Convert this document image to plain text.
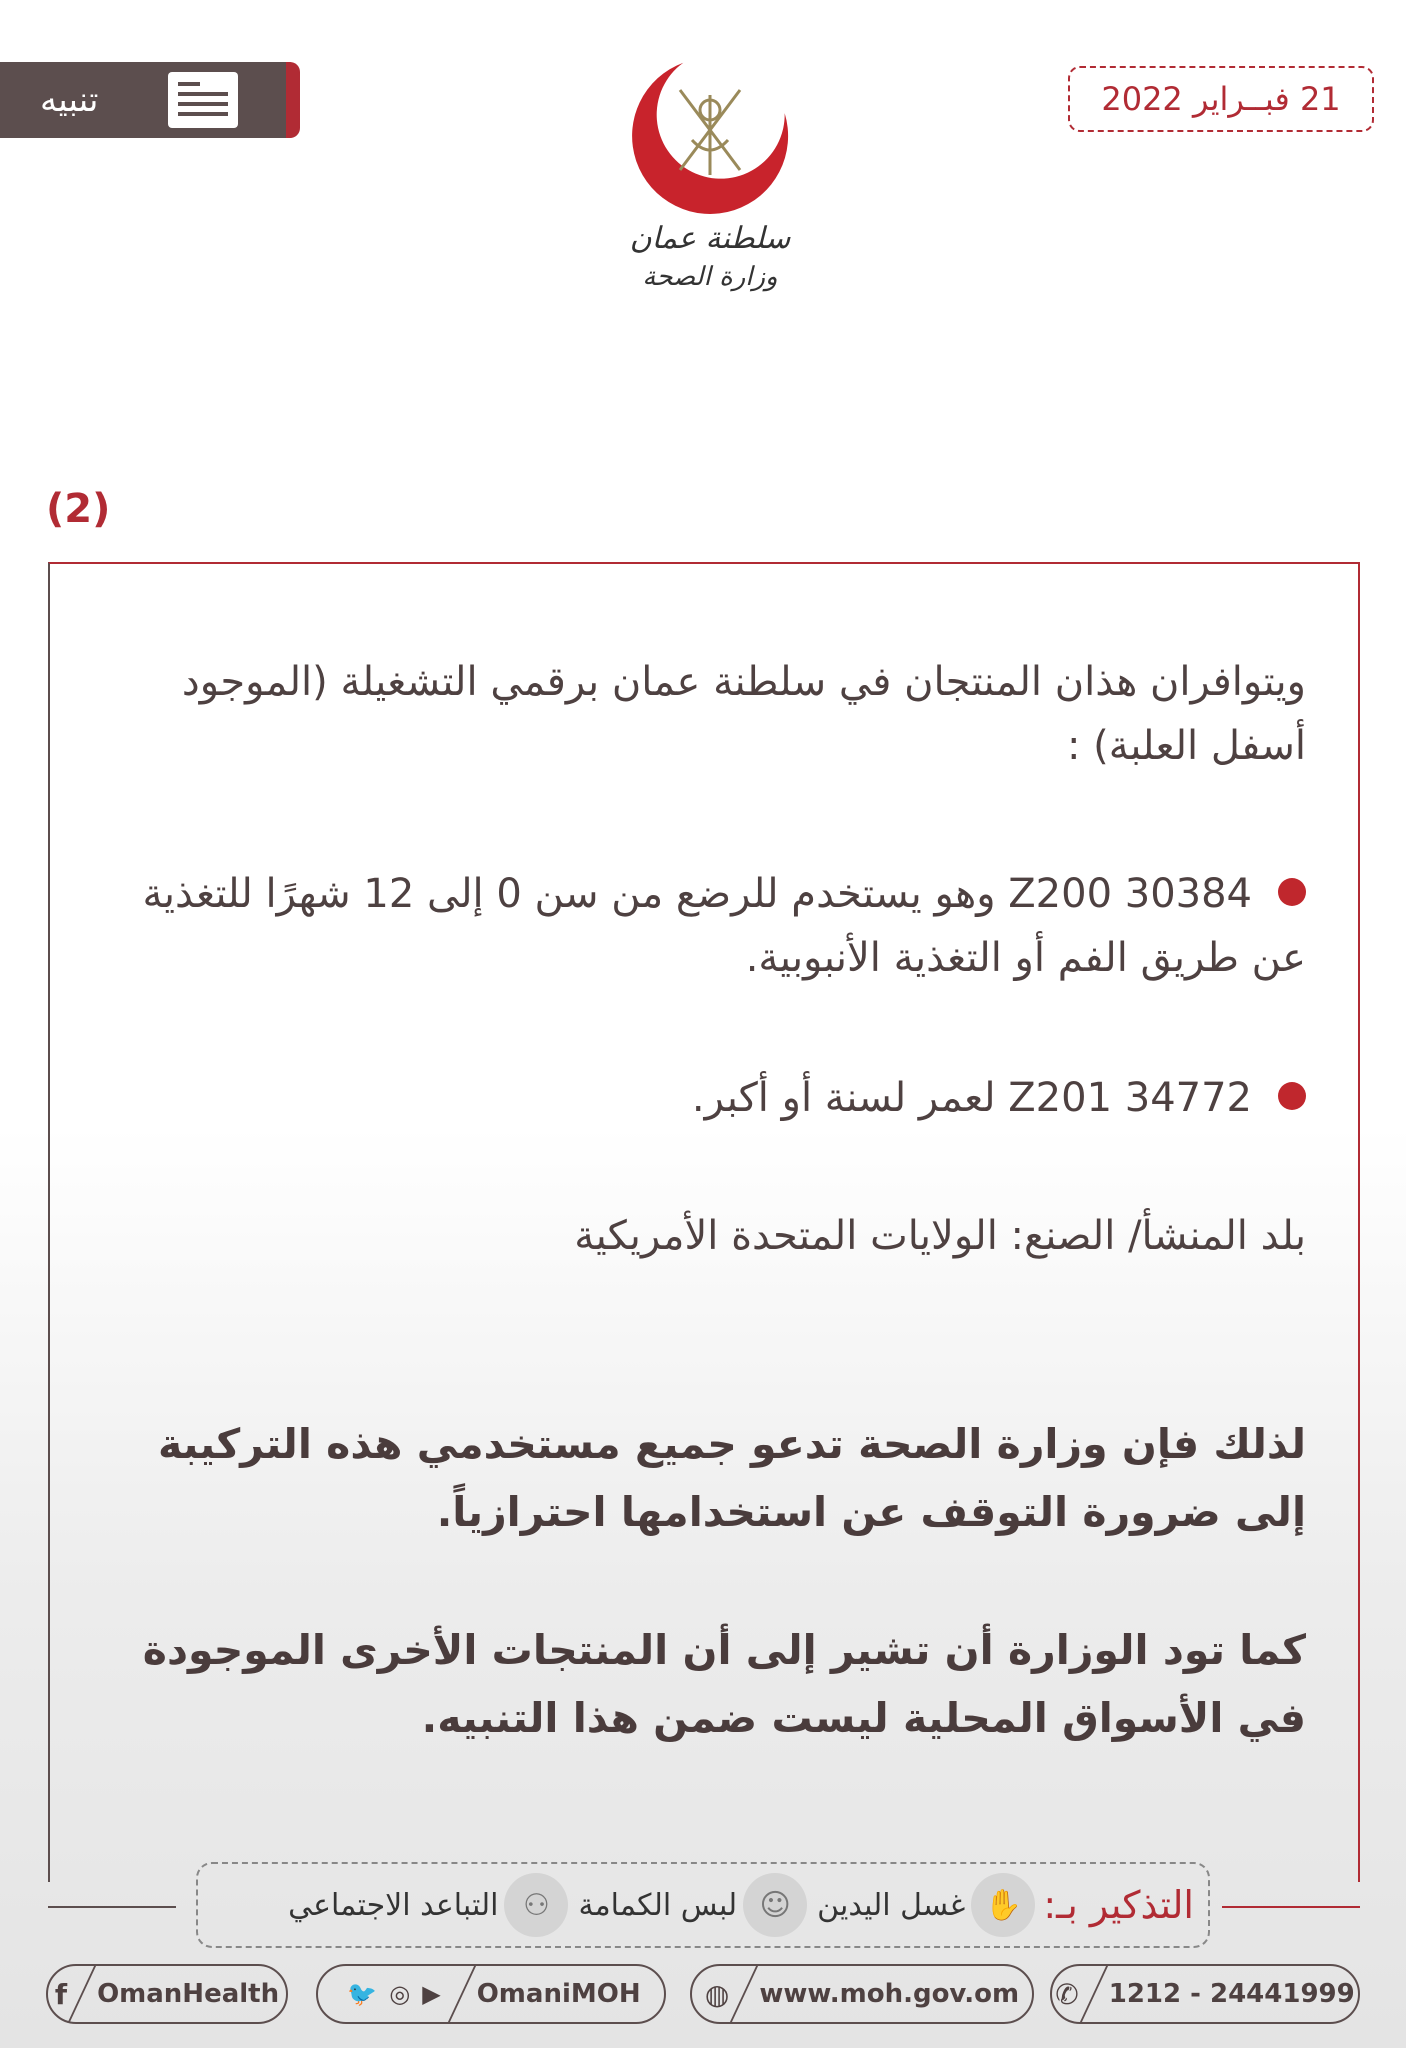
تنبيه
سلطنة عمان
وزارة الصحة
21 فبــراير 2022
(2)
ويتوافران هذان المنتجان في سلطنة عمان برقمي التشغيلة (الموجود أسفل العلبة) :
30384 Z200 وهو يستخدم للرضع من سن 0 إلى 12 شهرًا للتغذية عن طريق الفم أو التغذية الأنبوبية.
34772 Z201 لعمر لسنة أو أكبر.
بلد المنشأ/ الصنع: الولايات المتحدة الأمريكية
لذلك فإن وزارة الصحة تدعو جميع مستخدمي هذه التركيبة إلى ضرورة التوقف عن استخدامها احترازياً.
كما تود الوزارة أن تشير إلى أن المنتجات الأخرى الموجودة في الأسواق المحلية ليست ضمن هذا التنبيه.
التذكير بـ:
✋
غسل اليدين
☺
لبس الكمامة
⚇
التباعد الاجتماعي
f OmanHealth	🐦 ◎ ▶ OmaniMOH ◍ www.moh.gov.om ✆ 1212 - 24441999
